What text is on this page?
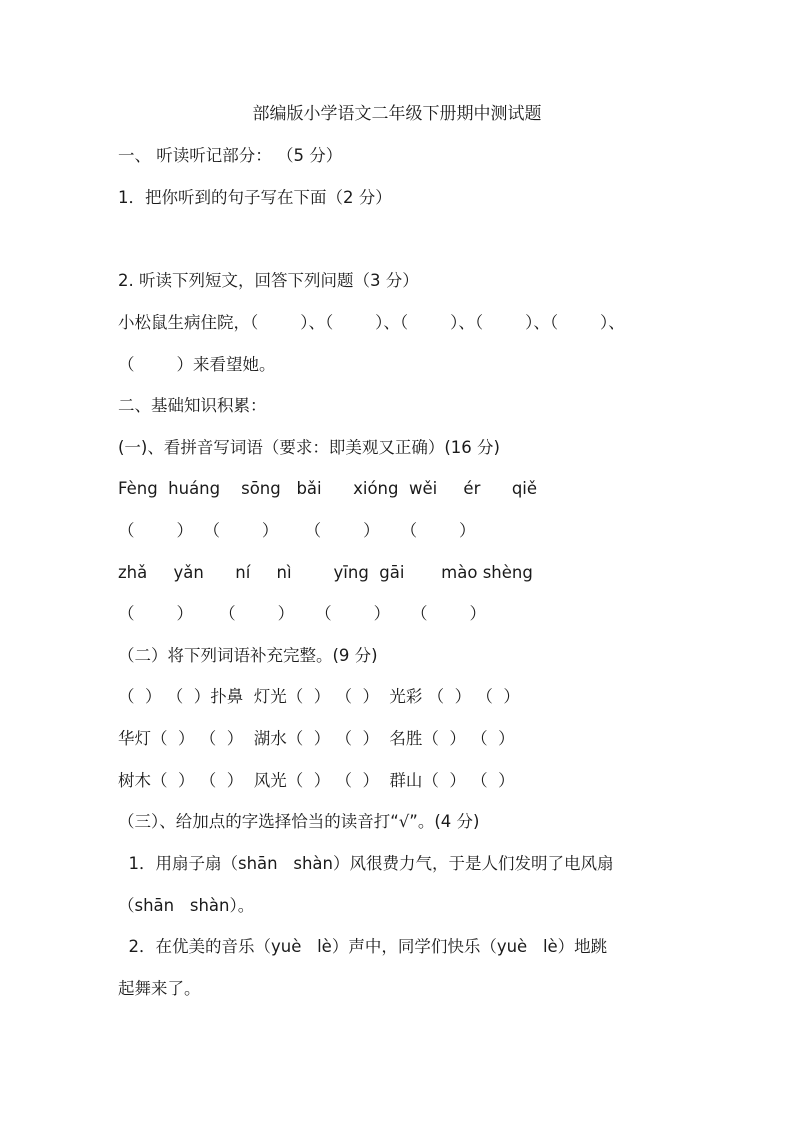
部编版小学语文二年级下册期中测试题
一、 听读听记部分： （5 分）
1．把你听到的句子写在下面（2 分）
2. 听读下列短文，回答下列问题（3 分）
小松鼠生病住院，（        ）、（        ）、（        ）、（        ）、（        ）、
（        ）来看望她。
二、基础知识积累：
(一)、看拼音写词语（要求：即美观又正确）(16 分)
Fèng  huáng    sōng   bǎi      xióng  wěi     ér      qiě
（        ）  （        ）     （        ）    （        ）
zhǎ     yǎn      ní     nì        yīng  gāi       mào shèng
（        ）     （        ）    （        ）    （        ）
（二）将下列词语补充完整。(9 分)
（  ） （  ）扑鼻  灯光（  ） （  ）  光彩 （  ） （  ）
华灯（  ） （  ）  湖水（  ） （  ）  名胜（  ） （  ）
树木（  ） （  ）  风光（  ） （  ）  群山（  ） （  ）
（三）、给加点的字选择恰当的读音打“√”。(4 分)
1．用扇子扇（shān   shàn）风很费力气，于是人们发明了电风扇
（shān   shàn）。
2．在优美的音乐（yuè   lè）声中，同学们快乐（yuè   lè）地跳
起舞来了。
